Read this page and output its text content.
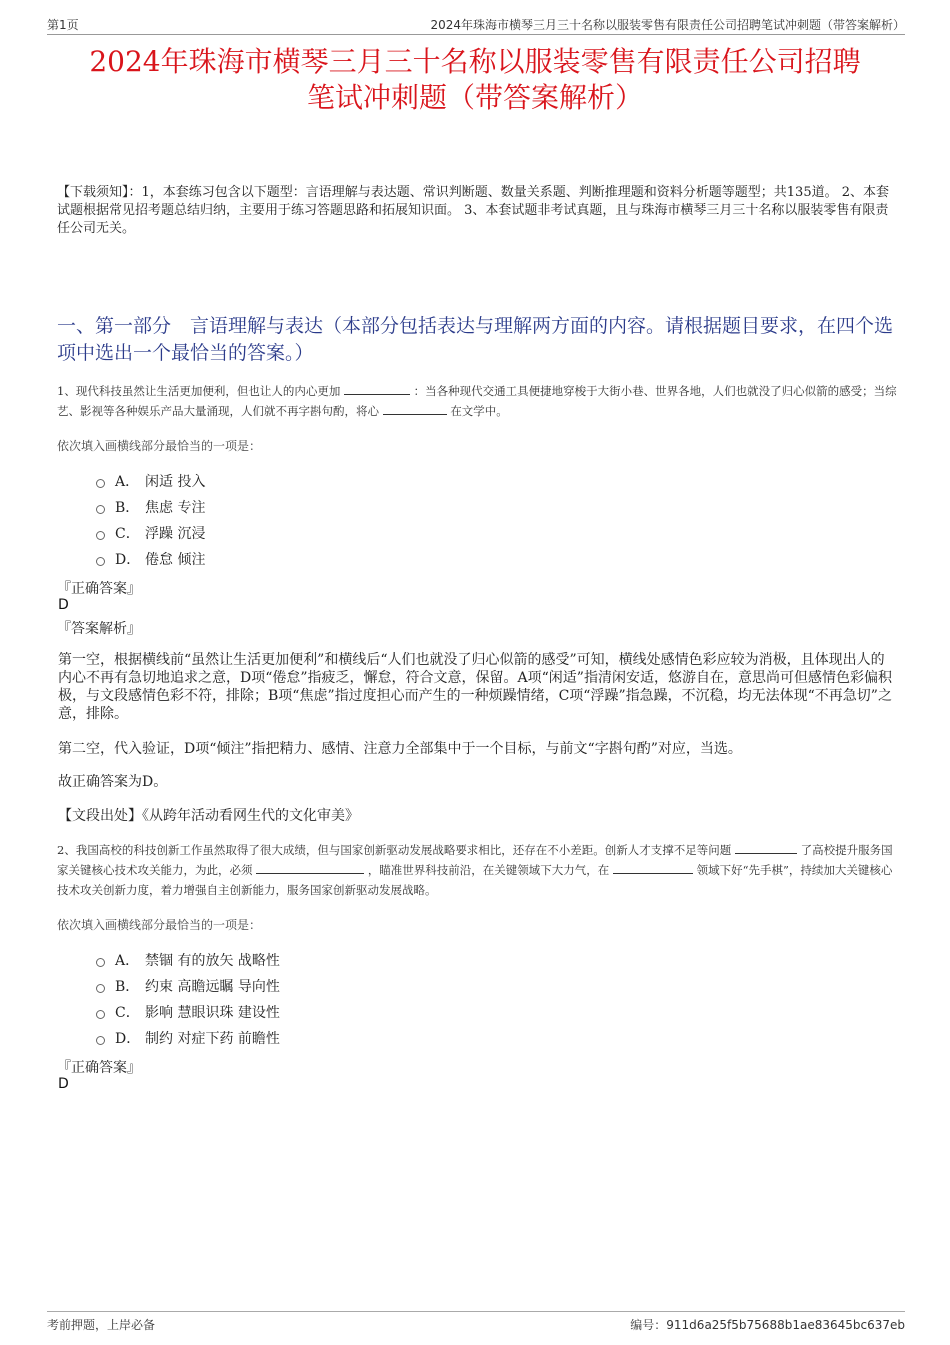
第1页	2024年珠海市横琴三月三十名称以服装零售有限责任公司招聘笔试冲刺题（带答案解析）
2024年珠海市横琴三月三十名称以服装零售有限责任公司招聘
笔试冲刺题（带答案解析）
【下载须知】：1，本套练习包含以下题型：言语理解与表达题、常识判断题、数量关系题、判断推理题和资料分析题等题型；共135道。 2、本套试题根据常见招考题总结归纳，主要用于练习答题思路和拓展知识面。 3、本套试题非考试真题，且与珠海市横琴三月三十名称以服装零售有限责任公司无关。
一、第一部分　言语理解与表达（本部分包括表达与理解两方面的内容。请根据题目要求，在四个选项中选出一个最恰当的答案。）
1、现代科技虽然让生活更加便利，但也让人的内心更加	：当各种现代交通工具便捷地穿梭于大街小巷、世界各地，人们也就没了归心似箭的感受；当综艺、影视等各种娱乐产品大量涌现，人们就不再字斟句酌，将心	在文学中。
依次填入画横线部分最恰当的一项是：
A． 闲适 投入
B． 焦虑 专注
C． 浮躁 沉浸
D． 倦怠 倾注
『正确答案』
D
『答案解析』
第一空，根据横线前“虽然让生活更加便利”和横线后“人们也就没了归心似箭的感受”可知，横线处感情色彩应较为消极，且体现出人的内心不再有急切地追求之意，D项“倦怠”指疲乏，懈怠，符合文意，保留。A项“闲适”指清闲安适，悠游自在，意思尚可但感情色彩偏积极，与文段感情色彩不符，排除；B项“焦虑”指过度担心而产生的一种烦躁情绪，C项“浮躁”指急躁，不沉稳，均无法体现“不再急切”之意，排除。
第二空，代入验证，D项“倾注”指把精力、感情、注意力全部集中于一个目标，与前文“字斟句酌”对应，当选。
故正确答案为D。
【文段出处】《从跨年活动看网生代的文化审美》
2、我国高校的科技创新工作虽然取得了很大成绩，但与国家创新驱动发展战略要求相比，还存在不小差距。创新人才支撑不足等问题	了高校提升服务国家关键核心技术攻关能力，为此，必须	，瞄准世界科技前沿，在关键领域下大力气，在	领域下好“先手棋”，持续加大关键核心技术攻关创新力度，着力增强自主创新能力，服务国家创新驱动发展战略。
依次填入画横线部分最恰当的一项是：
A． 禁锢 有的放矢 战略性
B． 约束 高瞻远瞩 导向性
C． 影响 慧眼识珠 建设性
D． 制约 对症下药 前瞻性
『正确答案』
D
考前押题，上岸必备	编号：911d6a25f5b75688b1ae83645bc637eb
